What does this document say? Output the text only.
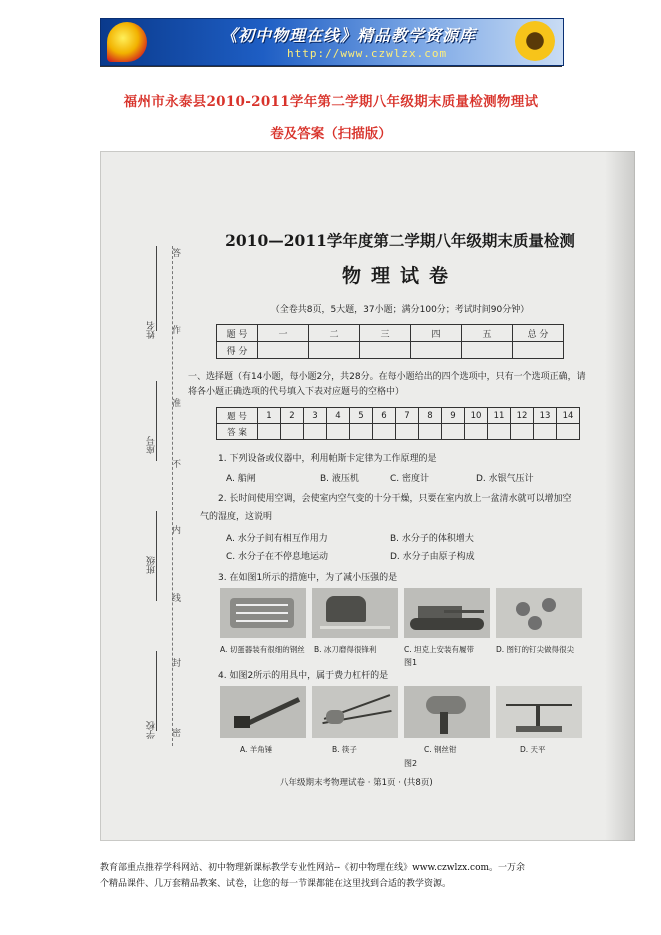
《初中物理在线》精品教学资源库
http://www.czwlzx.com
福州市永泰县2010-2011学年第二学期八年级期末质量检测物理试
卷及答案（扫描版）
姓名
座号
班级
学校
答
作
准
不
内
线
封
密
2010—2011学年度第二学期八年级期末质量检测
物理试卷
（全卷共8页，5大题，37小题；满分100分；考试时间90分钟）
题 号	一	二	三	四	五	总 分
得 分						
一、选择题（有14小题，每小题2分，共28分。在每小题给出的四个选项中，只有一个选项正确，请将各小题正确选项的代号填入下表对应题号的空格中）
题 号	1	2	3	4	5	6	7	8	9	10	11	12	13	14
答 案														
1. 下列设备或仪器中，利用帕斯卡定律为工作原理的是
A. 船闸	B. 液压机	C. 密度计	D. 水银气压计
2. 长时间使用空调，会使室内空气变的十分干燥，只要在室内放上一盆清水就可以增加空
气的湿度，这说明
A. 水分子间有相互作用力	B. 水分子的体积增大
C. 水分子在不停息地运动	D. 水分子由原子构成
3. 在如图1所示的措施中，为了减小压强的是
A. 切蛋器装有很细的钢丝 B. 冰刀磨得很锋利	C. 坦克上安装有履带	D. 图钉的钉尖做得很尖
图1
4. 如图2所示的用具中，属于费力杠杆的是
A. 羊角锤	B. 筷子	C. 钢丝钳	D. 天平
图2
八年级期末考物理试卷 · 第1页 · (共8页)
教育部重点推荐学科网站、初中物理新课标教学专业性网站--《初中物理在线》www.czwlzx.com。一万余
个精品课件、几万套精品教案、试卷，让您的每一节课都能在这里找到合适的教学资源。
